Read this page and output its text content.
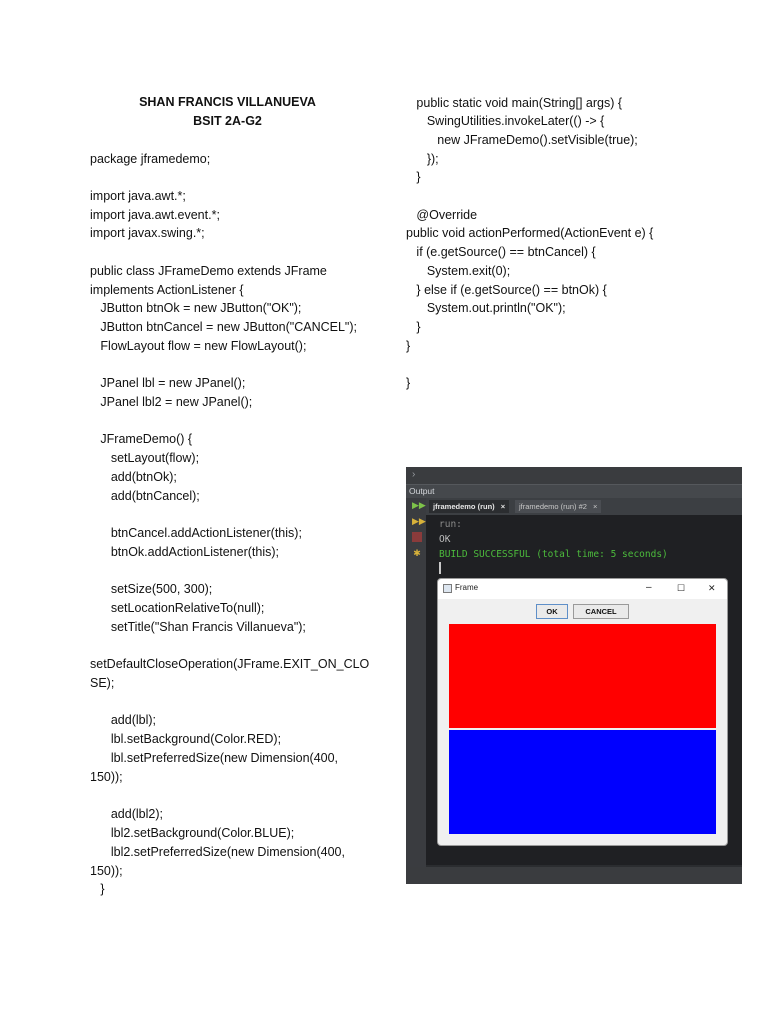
SHAN FRANCIS VILLANUEVA
BSIT 2A-G2
package jframedemo;
import java.awt.*;
import java.awt.event.*;
import javax.swing.*;
public class JFrameDemo extends JFrame
implements ActionListener {
JButton btnOk = new JButton("OK");
JButton btnCancel = new JButton("CANCEL");
FlowLayout flow = new FlowLayout();
JPanel lbl = new JPanel();
JPanel lbl2 = new JPanel();
JFrameDemo() {
setLayout(flow);
add(btnOk);
add(btnCancel);
btnCancel.addActionListener(this);
btnOk.addActionListener(this);
setSize(500, 300);
setLocationRelativeTo(null);
setTitle("Shan Francis Villanueva");
setDefaultCloseOperation(JFrame.EXIT_ON_CLO
SE);
add(lbl);
lbl.setBackground(Color.RED);
lbl.setPreferredSize(new Dimension(400,
150));
add(lbl2);
lbl2.setBackground(Color.BLUE);
lbl2.setPreferredSize(new Dimension(400,
150));
}
public static void main(String[] args) {
SwingUtilities.invokeLater(() -> {
new JFrameDemo().setVisible(true);
});
}
@Override
public void actionPerformed(ActionEvent e) {
if (e.getSource() == btnCancel) {
System.exit(0);
} else if (e.getSource() == btnOk) {
System.out.println("OK");
}
}
}
›
Output
▶▶
▶▶
✱
jframedemo (run) ×	jframedemo (run) #2 ×
run:
OK
BUILD SUCCESSFUL (total time: 5 seconds)
Frame	–	☐	✕
OK	CANCEL
